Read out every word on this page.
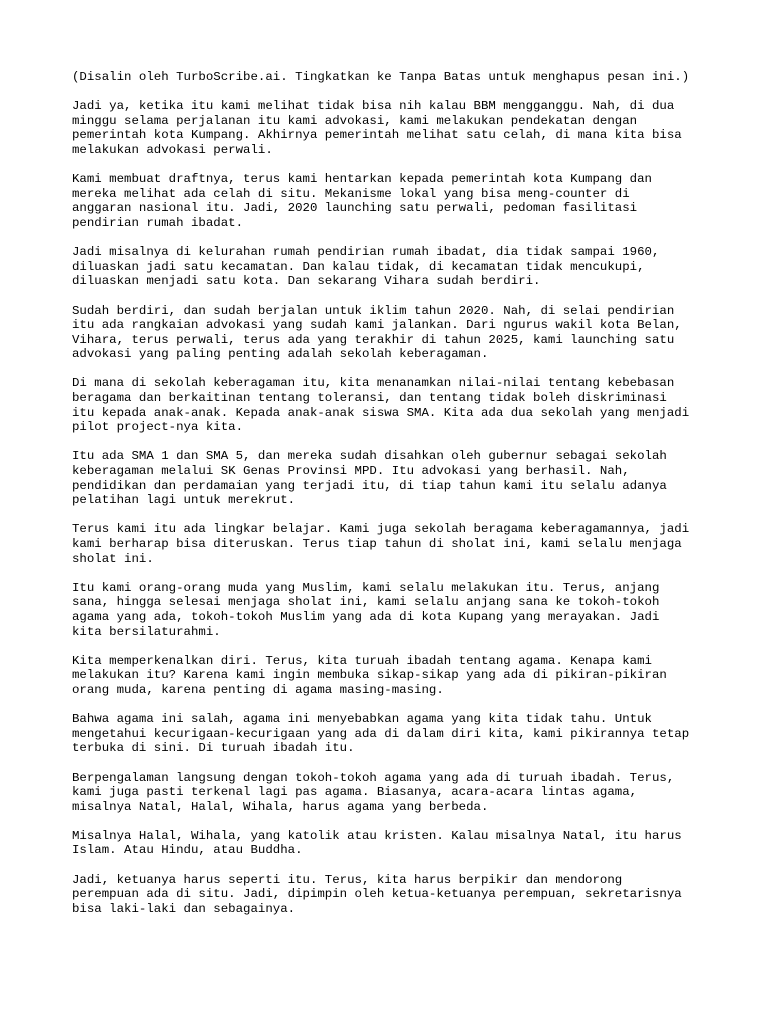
(Disalin oleh TurboScribe.ai. Tingkatkan ke Tanpa Batas untuk menghapus pesan ini.)

Jadi ya, ketika itu kami melihat tidak bisa nih kalau BBM mengganggu. Nah, di dua
minggu selama perjalanan itu kami advokasi, kami melakukan pendekatan dengan
pemerintah kota Kumpang. Akhirnya pemerintah melihat satu celah, di mana kita bisa
melakukan advokasi perwali.

Kami membuat draftnya, terus kami hentarkan kepada pemerintah kota Kumpang dan
mereka melihat ada celah di situ. Mekanisme lokal yang bisa meng-counter di
anggaran nasional itu. Jadi, 2020 launching satu perwali, pedoman fasilitasi
pendirian rumah ibadat.

Jadi misalnya di kelurahan rumah pendirian rumah ibadat, dia tidak sampai 1960,
diluaskan jadi satu kecamatan. Dan kalau tidak, di kecamatan tidak mencukupi,
diluaskan menjadi satu kota. Dan sekarang Vihara sudah berdiri.

Sudah berdiri, dan sudah berjalan untuk iklim tahun 2020. Nah, di selai pendirian
itu ada rangkaian advokasi yang sudah kami jalankan. Dari ngurus wakil kota Belan,
Vihara, terus perwali, terus ada yang terakhir di tahun 2025, kami launching satu
advokasi yang paling penting adalah sekolah keberagaman.

Di mana di sekolah keberagaman itu, kita menanamkan nilai-nilai tentang kebebasan
beragama dan berkaitinan tentang toleransi, dan tentang tidak boleh diskriminasi
itu kepada anak-anak. Kepada anak-anak siswa SMA. Kita ada dua sekolah yang menjadi
pilot project-nya kita.

Itu ada SMA 1 dan SMA 5, dan mereka sudah disahkan oleh gubernur sebagai sekolah
keberagaman melalui SK Genas Provinsi MPD. Itu advokasi yang berhasil. Nah,
pendidikan dan perdamaian yang terjadi itu, di tiap tahun kami itu selalu adanya
pelatihan lagi untuk merekrut.

Terus kami itu ada lingkar belajar. Kami juga sekolah beragama keberagamannya, jadi
kami berharap bisa diteruskan. Terus tiap tahun di sholat ini, kami selalu menjaga
sholat ini.

Itu kami orang-orang muda yang Muslim, kami selalu melakukan itu. Terus, anjang
sana, hingga selesai menjaga sholat ini, kami selalu anjang sana ke tokoh-tokoh
agama yang ada, tokoh-tokoh Muslim yang ada di kota Kupang yang merayakan. Jadi
kita bersilaturahmi.

Kita memperkenalkan diri. Terus, kita turuah ibadah tentang agama. Kenapa kami
melakukan itu? Karena kami ingin membuka sikap-sikap yang ada di pikiran-pikiran
orang muda, karena penting di agama masing-masing.

Bahwa agama ini salah, agama ini menyebabkan agama yang kita tidak tahu. Untuk
mengetahui kecurigaan-kecurigaan yang ada di dalam diri kita, kami pikirannya tetap
terbuka di sini. Di turuah ibadah itu.

Berpengalaman langsung dengan tokoh-tokoh agama yang ada di turuah ibadah. Terus,
kami juga pasti terkenal lagi pas agama. Biasanya, acara-acara lintas agama,
misalnya Natal, Halal, Wihala, harus agama yang berbeda.

Misalnya Halal, Wihala, yang katolik atau kristen. Kalau misalnya Natal, itu harus
Islam. Atau Hindu, atau Buddha.

Jadi, ketuanya harus seperti itu. Terus, kita harus berpikir dan mendorong
perempuan ada di situ. Jadi, dipimpin oleh ketua-ketuanya perempuan, sekretarisnya
bisa laki-laki dan sebagainya.
